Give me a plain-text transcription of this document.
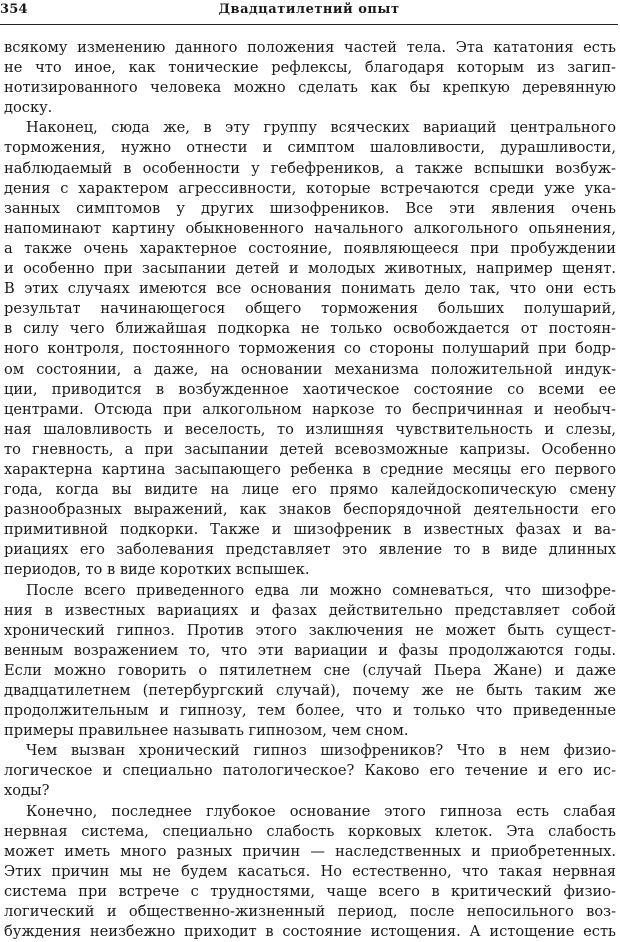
354	Двадцатилетний опыт
всякому изменению данного положения частей тела. Эта кататония есть
не что иное, как тонические рефлексы, благодаря которым из загип-
нотизированного человека можно сделать как бы крепкую деревянную
доску.
Наконец, сюда же, в эту группу всяческих вариаций центрального
торможения, нужно отнести и симптом шаловливости, дурашливости,
наблюдаемый в особенности у гебефреников, а также вспышки возбуж-
дения с характером агрессивности, которые встречаются среди уже ука-
занных симптомов у других шизофреников. Все эти явления очень
напоминают картину обыкновенного начального алкогольного опьянения,
а также очень характерное состояние, появляющееся при пробуждении
и особенно при засыпании детей и молодых животных, например щенят.
В этих случаях имеются все основания понимать дело так, что они есть
результат начинающегося общего торможения больших полушарий,
в силу чего ближайшая подкорка не только освобождается от постоян-
ного контроля, постоянного торможения со стороны полушарий при бодр-
ом состоянии, а даже, на основании механизма положительной индук-
ции, приводится в возбужденное хаотическое состояние со всеми ее
центрами. Отсюда при алкогольном наркозе то беспричинная и необыч-
ная шаловливость и веселость, то излишняя чувствительность и слезы,
то гневность, а при засыпании детей всевозможные капризы. Особенно
характерна картина засыпающего ребенка в средние месяцы его первого
года, когда вы видите на лице его прямо калейдоскопическую смену
разнообразных выражений, как знаков беспорядочной деятельности его
примитивной подкорки. Также и шизофреник в известных фазах и ва-
риациях его заболевания представляет это явление то в виде длинных
периодов, то в виде коротких вспышек.
После всего приведенного едва ли можно сомневаться, что шизофре-
ния в известных вариациях и фазах действительно представляет собой
хронический гипноз. Против этого заключения не может быть сущест-
венным возражением то, что эти вариации и фазы продолжаются годы.
Если можно говорить о пятилетнем сне (случай Пьера Жане) и даже
двадцатилетнем (петербургский случай), почему же не быть таким же
продолжительным и гипнозу, тем более, что и только что приведенные
примеры правильнее называть гипнозом, чем сном.
Чем вызван хронический гипноз шизофреников? Что в нем физио-
логическое и специально патологическое? Каково его течение и его ис-
ходы?
Конечно, последнее глубокое основание этого гипноза есть слабая
нервная система, специально слабость корковых клеток. Эта слабость
может иметь много разных причин — наследственных и приобретенных.
Этих причин мы не будем касаться. Но естественно, что такая нервная
система при встрече с трудностями, чаще всего в критический физио-
логический и общественно-жизненный период, после непосильного воз-
буждения неизбежно приходит в состояние истощения. А истощение есть
